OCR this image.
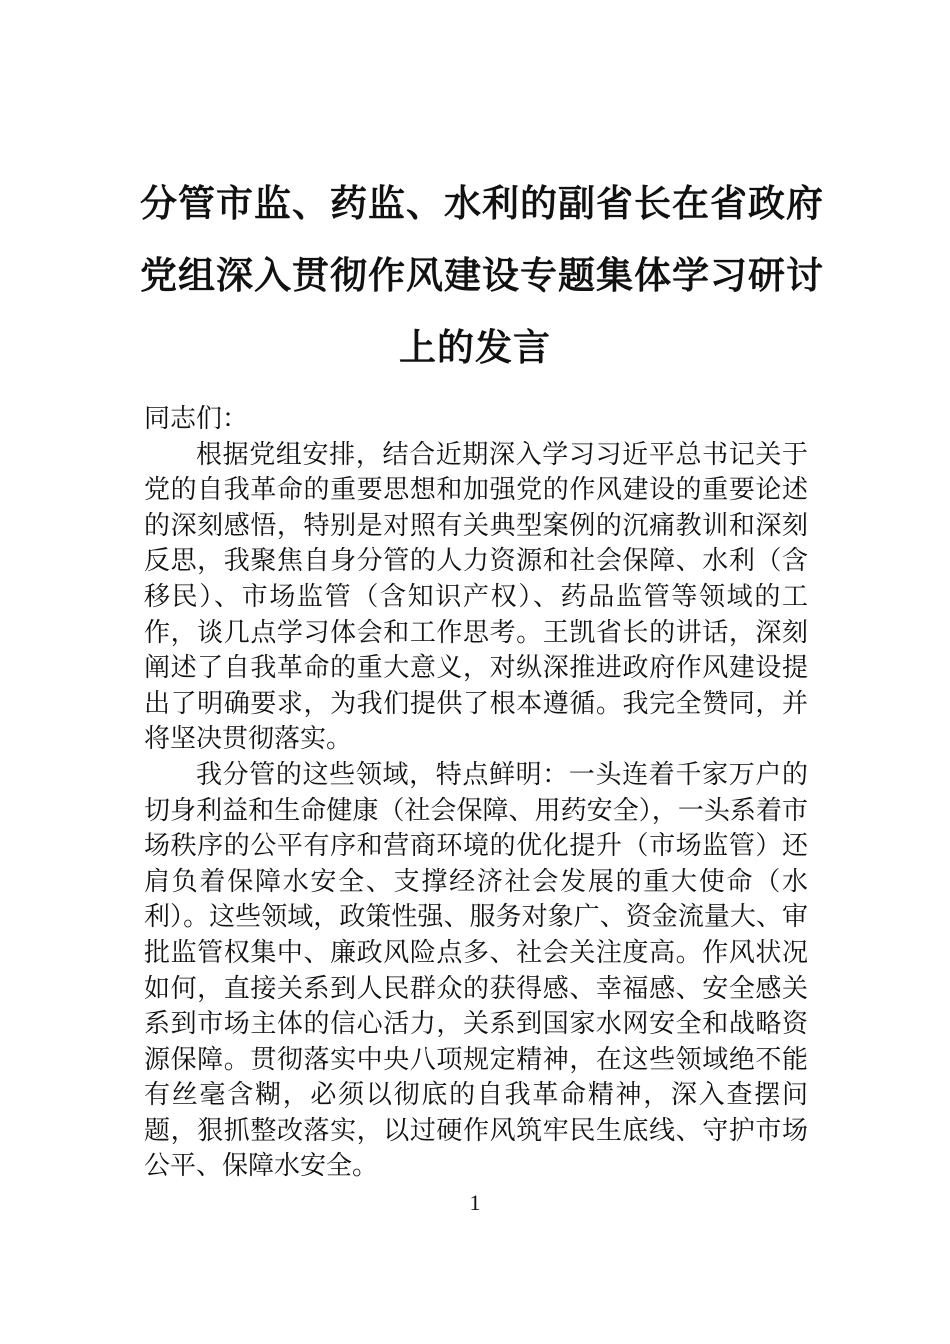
分管市监、药监、水利的副省长在省政府
党组深入贯彻作风建设专题集体学习研讨
上的发言

同志们：

根据党组安排，结合近期深入学习习近平总书记关于党的自我革命的重要思想和加强党的作风建设的重要论述的深刻感悟，特别是对照有关典型案例的沉痛教训和深刻反思，我聚焦自身分管的人力资源和社会保障、水利（含移民）、市场监管（含知识产权）、药品监管等领域的工作，谈几点学习体会和工作思考。王凯省长的讲话，深刻阐述了自我革命的重大意义，对纵深推进政府作风建设提出了明确要求，为我们提供了根本遵循。我完全赞同，并将坚决贯彻落实。

我分管的这些领域，特点鲜明：一头连着千家万户的切身利益和生命健康（社会保障、用药安全），一头系着市场秩序的公平有序和营商环境的优化提升（市场监管）还肩负着保障水安全、支撑经济社会发展的重大使命（水利）。这些领域，政策性强、服务对象广、资金流量大、审批监管权集中、廉政风险点多、社会关注度高。作风状况如何，直接关系到人民群众的获得感、幸福感、安全感关系到市场主体的信心活力，关系到国家水网安全和战略资源保障。贯彻落实中央八项规定精神，在这些领域绝不能有丝毫含糊，必须以彻底的自我革命精神，深入查摆问题，狠抓整改落实，以过硬作风筑牢民生底线、守护市场公平、保障水安全。

1
